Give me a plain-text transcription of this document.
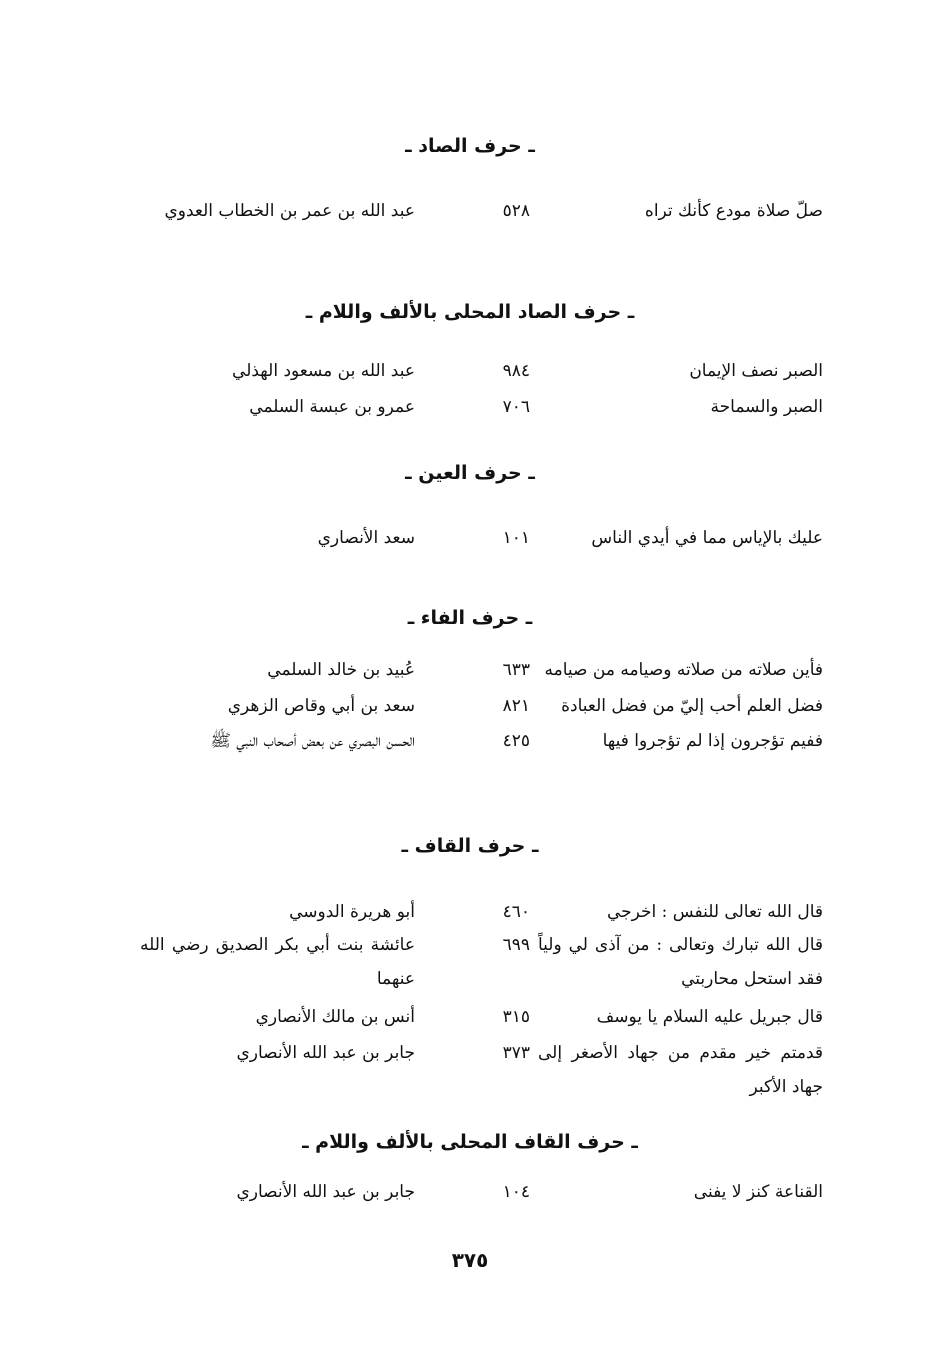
ـ حرف الصاد ـ
صلّ صلاة مودع كأنك تراه
٥٢٨
عبد الله بن عمر بن الخطاب العدوي
ـ حرف الصاد المحلى بالألف واللام ـ
الصبر نصف الإيمان
٩٨٤
عبد الله بن مسعود الهذلي
الصبر والسماحة
٧٠٦
عمرو بن عبسة السلمي
ـ حرف العين ـ
عليك بالإياس مما في أيدي الناس
١٠١
سعد الأنصاري
ـ حرف الفاء ـ
فأين صلاته من صلاته وصيامه من صيامه
٦٣٣
عُبيد بن خالد السلمي
فضل العلم أحب إليّ من فضل العبادة
٨٢١
سعد بن أبي وقاص الزهري
ففيم تؤجرون إذا لم تؤجروا فيها
٤٢٥
الحسن البصري عن بعض أصحاب النبي ﷺ
ـ حرف القاف ـ
قال الله تعالى للنفس : اخرجي
٤٦٠
أبو هريرة الدوسي
قال الله تبارك وتعالى : من آذى لي ولياً فقد استحل محاربتي
٦٩٩
عائشة بنت أبي بكر الصديق رضي الله عنهما
قال جبريل عليه السلام يا يوسف
٣١٥
أنس بن مالك الأنصاري
قدمتم خير مقدم من جهاد الأصغر إلى جهاد الأكبر
٣٧٣
جابر بن عبد الله الأنصاري
ـ حرف القاف المحلى بالألف واللام ـ
القناعة كنز لا يفنى
١٠٤
جابر بن عبد الله الأنصاري
٣٧٥
